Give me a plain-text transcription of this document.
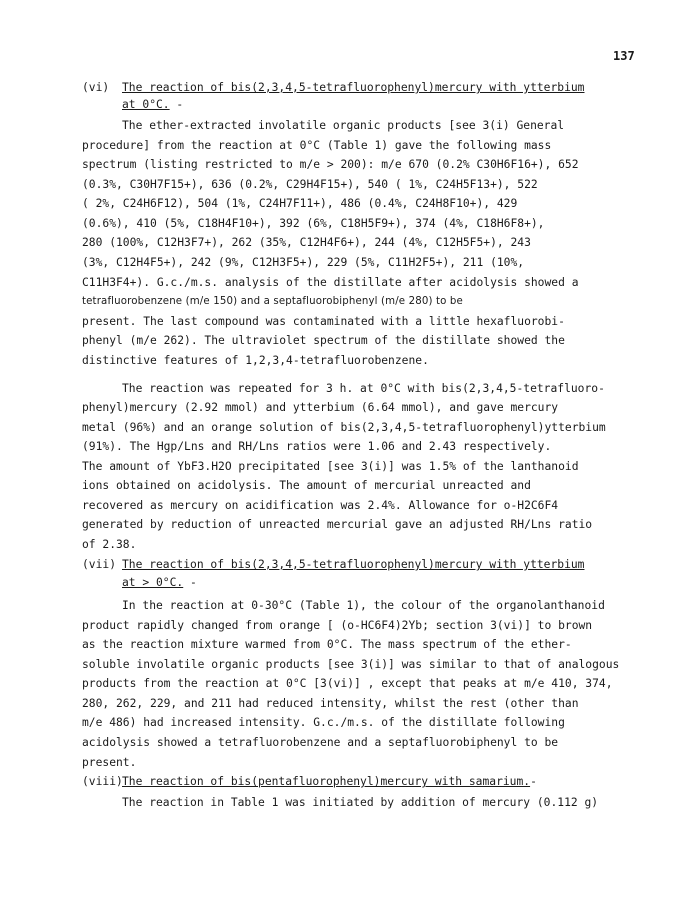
137
(vi) The reaction of bis(2,3,4,5-tetrafluorophenyl)mercury with ytterbium
at 0°C. -
The ether-extracted involatile organic products [see 3(i) General
procedure] from the reaction at 0°C (Table 1) gave the following mass
spectrum (listing restricted to m/e > 200): m/e 670 (0.2% C30H6F16+), 652
(0.3%, C30H7F15+), 636 (0.2%, C29H4F15+), 540 ( 1%, C24H5F13+), 522
( 2%, C24H6F12), 504 (1%, C24H7F11+), 486 (0.4%, C24H8F10+), 429
(0.6%), 410 (5%, C18H4F10+), 392 (6%, C18H5F9+), 374 (4%, C18H6F8+),
280 (100%, C12H3F7+), 262 (35%, C12H4F6+), 244 (4%, C12H5F5+), 243
(3%, C12H4F5+), 242 (9%, C12H3F5+), 229 (5%, C11H2F5+), 211 (10%,
C11H3F4+). G.c./m.s. analysis of the distillate after acidolysis showed a
tetrafluorobenzene (m/e 150) and a septafluorobiphenyl (m/e 280) to be
present. The last compound was contaminated with a little hexafluorobi-
phenyl (m/e 262). The ultraviolet spectrum of the distillate showed the
distinctive features of 1,2,3,4-tetrafluorobenzene.
The reaction was repeated for 3 h. at 0°C with bis(2,3,4,5-tetrafluoro-
phenyl)mercury (2.92 mmol) and ytterbium (6.64 mmol), and gave mercury
metal (96%) and an orange solution of bis(2,3,4,5-tetrafluorophenyl)ytterbium
(91%). The Hgp/Lns and RH/Lns ratios were 1.06 and 2.43 respectively.
The amount of YbF3.H2O precipitated [see 3(i)] was 1.5% of the lanthanoid
ions obtained on acidolysis. The amount of mercurial unreacted and
recovered as mercury on acidification was 2.4%. Allowance for o-H2C6F4
generated by reduction of unreacted mercurial gave an adjusted RH/Lns ratio
of 2.38.
(vii) The reaction of bis(2,3,4,5-tetrafluorophenyl)mercury with ytterbium
at > 0°C. -
In the reaction at 0-30°C (Table 1), the colour of the organolanthanoid
product rapidly changed from orange [ (o-HC6F4)2Yb; section 3(vi)] to brown
as the reaction mixture warmed from 0°C. The mass spectrum of the ether-
soluble involatile organic products [see 3(i)] was similar to that of analogous
products from the reaction at 0°C [3(vi)] , except that peaks at m/e 410, 374,
280, 262, 229, and 211 had reduced intensity, whilst the rest (other than
m/e 486) had increased intensity. G.c./m.s. of the distillate following
acidolysis showed a tetrafluorobenzene and a septafluorobiphenyl to be
present.
(viii)The reaction of bis(pentafluorophenyl)mercury with samarium.-
The reaction in Table 1 was initiated by addition of mercury (0.112 g)
